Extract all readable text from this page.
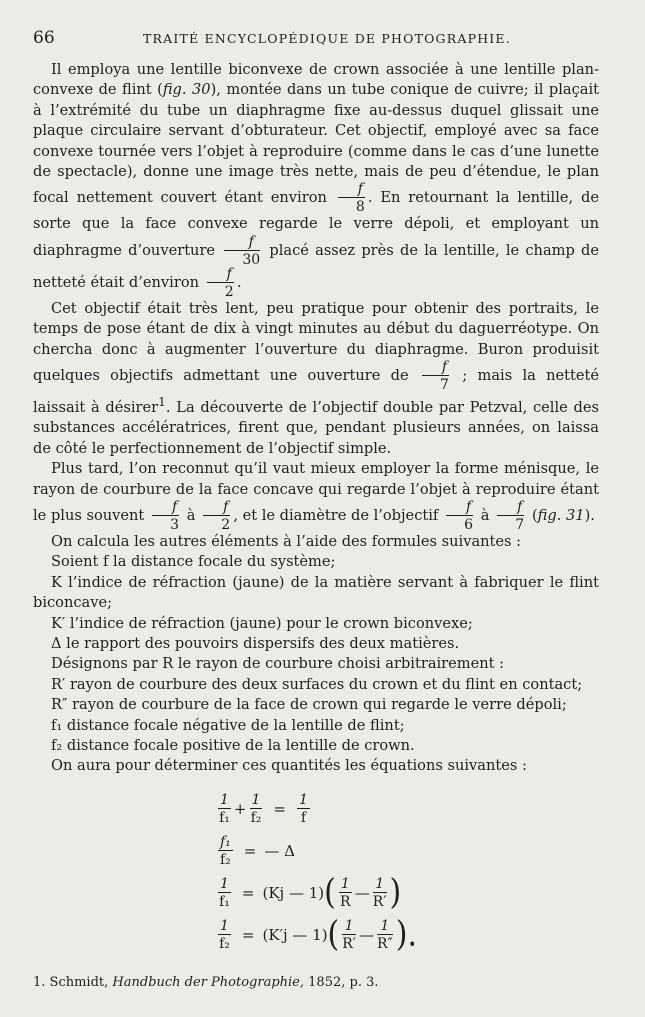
66	TRAITÉ ENCYCLOPÉDIQUE DE PHOTOGRAPHIE.

Il employa une lentille biconvexe de crown associée à une lentille plan-convexe de flint (fig. 30), montée dans un tube conique de cuivre; il plaçait à l’extrémité du tube un diaphragme fixe au-dessus duquel glissait une plaque circulaire servant d’obturateur. Cet objectif, employé avec sa face convexe tournée vers l’objet à reproduire (comme dans le cas d’une lunette de spectacle), donne une image très nette, mais de peu d’étendue, le plan focal nettement couvert étant environ $\frac{f}{8}$ . En retournant la lentille, de sorte que la face convexe regarde le verre dépoli, et employant un diaphragme d’ouverture $\frac{f}{30}$ placé assez près de la lentille, le champ de netteté était d’environ $\frac{f}{2}$ .

Cet objectif était très lent, peu pratique pour obtenir des portraits, le temps de pose étant de dix à vingt minutes au début du daguerréotype. On chercha donc à augmenter l’ouverture du diaphragme. Buron produisit quelques objectifs admettant une ouverture de $\frac{f}{7}$ ; mais la netteté laissait à désirer$^1$. La découverte de l’objectif double par Petzval, celle des substances accélératrices, firent que, pendant plusieurs années, on laissa de côté le perfectionnement de l’objectif simple.

Plus tard, l’on reconnut qu’il vaut mieux employer la forme ménisque, le rayon de courbure de la face concave qui regarde l’objet à reproduire étant le plus souvent $\frac{f}{3}$ à $\frac{f}{2}$ , et le diamètre de l’objectif $\frac{f}{6}$ à $\frac{f}{7} (fig$. 31).

On calcula les autres éléments à l’aide des formules suivantes :

Soient f la distance focale du système;

K l’indice de réfraction (jaune) de la matière servant à fabriquer le flint biconcave;

K′ l’indice de réfraction (jaune) pour le crown biconvexe;

Δ le rapport des pouvoirs dispersifs des deux matières.

Désignons par R le rayon de courbure choisi arbitrairement :

R′ rayon de courbure des deux surfaces du crown et du flint en contact;

R″ rayon de courbure de la face de crown qui regarde le verre dépoli;

f₁ distance focale négative de la lentille de flint;

f₂ distance focale positive de la lentille de crown.

On aura pour déterminer ces quantités les équations suivantes :

$\frac{1}{\text{f₁}} + \frac{1}{\text{f₂}} = \frac{1}{f}$
$\frac{\text{f₁}}{\text{f₂}}$ = — Δ
$\frac{1}{\text{f₁}} = (Kj$ — 1) ( $\frac{1}{R}$ — $\frac{1}{R'}$ )
$\frac{1}{\text{f₂}} = (K'j$ — 1) ( $\frac{1}{R'}$ — $\frac{1}{R''}$ ).
1. Schmidt, Handbuch der Photographie, 1852, p. 3.
